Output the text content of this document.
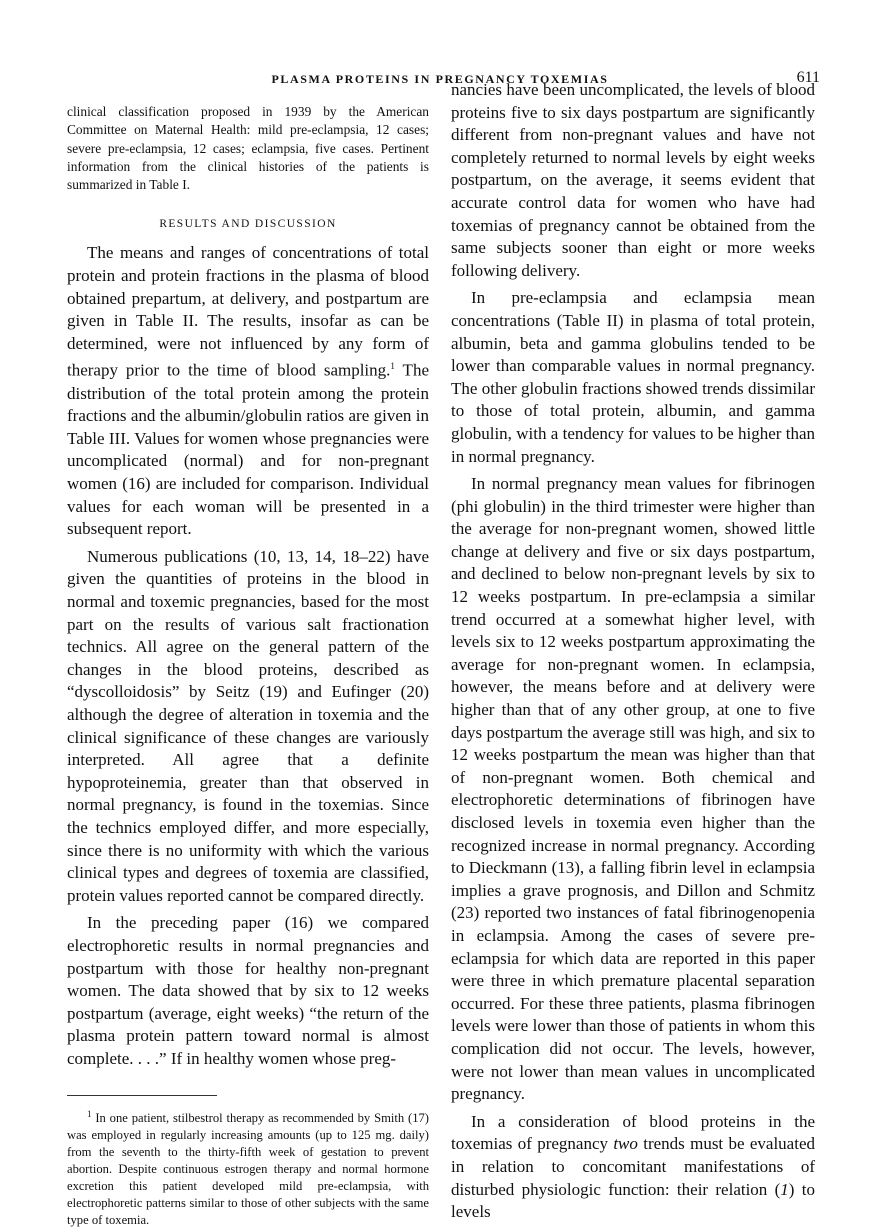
PLASMA PROTEINS IN PREGNANCY TOXEMIAS	611

clinical classification proposed in 1939 by the American Committee on Maternal Health: mild pre-eclampsia, 12 cases; severe pre-eclampsia, 12 cases; eclampsia, five cases. Pertinent information from the clinical histories of the patients is summarized in Table I.

RESULTS AND DISCUSSION

The means and ranges of concentrations of total protein and protein fractions in the plasma of blood obtained prepartum, at delivery, and postpartum are given in Table II. The results, insofar as can be determined, were not influenced by any form of therapy prior to the time of blood sampling.$^1$ The distribution of the total protein among the protein fractions and the albumin/globulin ratios are given in Table III. Values for women whose pregnancies were uncomplicated (normal) and for non-pregnant women (16) are included for comparison. Individual values for each woman will be presented in a subsequent report.

Numerous publications (10, 13, 14, 18–22) have given the quantities of proteins in the blood in normal and toxemic pregnancies, based for the most part on the results of various salt fractionation technics. All agree on the general pattern of the changes in the blood proteins, described as “dyscolloidosis” by Seitz (19) and Eufinger (20) although the degree of alteration in toxemia and the clinical significance of these changes are variously interpreted. All agree that a definite hypoproteinemia, greater than that observed in normal pregnancy, is found in the toxemias. Since the technics employed differ, and more especially, since there is no uniformity with which the various clinical types and degrees of toxemia are classified, protein values reported cannot be compared directly.

In the preceding paper (16) we compared electrophoretic results in normal pregnancies and postpartum with those for healthy non-pregnant women. The data showed that by six to 12 weeks postpartum (average, eight weeks) “the return of the plasma protein pattern toward normal is almost complete. . . .” If in healthy women whose preg-

$^1$ In one patient, stilbestrol therapy as recommended by Smith (17) was employed in regularly increasing amounts (up to 125 mg. daily) from the seventh to the thirty-fifth week of gestation to prevent abortion. Despite continuous estrogen therapy and normal hormone excretion this patient developed mild pre-eclampsia, with electrophoretic patterns similar to those of other subjects with the same type of toxemia.

nancies have been uncomplicated, the levels of blood proteins five to six days postpartum are significantly different from non-pregnant values and have not completely returned to normal levels by eight weeks postpartum, on the average, it seems evident that accurate control data for women who have had toxemias of pregnancy cannot be obtained from the same subjects sooner than eight or more weeks following delivery.

In pre-eclampsia and eclampsia mean concentrations (Table II) in plasma of total protein, albumin, beta and gamma globulins tended to be lower than comparable values in normal pregnancy. The other globulin fractions showed trends dissimilar to those of total protein, albumin, and gamma globulin, with a tendency for values to be higher than in normal pregnancy.

In normal pregnancy mean values for fibrinogen (phi globulin) in the third trimester were higher than the average for non-pregnant women, showed little change at delivery and five or six days postpartum, and declined to below non-pregnant levels by six to 12 weeks postpartum. In pre-eclampsia a similar trend occurred at a somewhat higher level, with levels six to 12 weeks postpartum approximating the average for non-pregnant women. In eclampsia, however, the means before and at delivery were higher than that of any other group, at one to five days postpartum the average still was high, and six to 12 weeks postpartum the mean was higher than that of non-pregnant women. Both chemical and electrophoretic determinations of fibrinogen have disclosed levels in toxemia even higher than the recognized increase in normal pregnancy. According to Dieckmann (13), a falling fibrin level in eclampsia implies a grave prognosis, and Dillon and Schmitz (23) reported two instances of fatal fibrinogenopenia in eclampsia. Among the cases of severe pre-eclampsia for which data are reported in this paper were three in which premature placental separation occurred. For these three patients, plasma fibrinogen levels were lower than those of patients in whom this complication did not occur. The levels, however, were not lower than mean values in uncomplicated pregnancy.

In a consideration of blood proteins in the toxemias of pregnancy two trends must be evaluated in relation to concomitant manifestations of disturbed physiologic function: their relation (1) to levels
